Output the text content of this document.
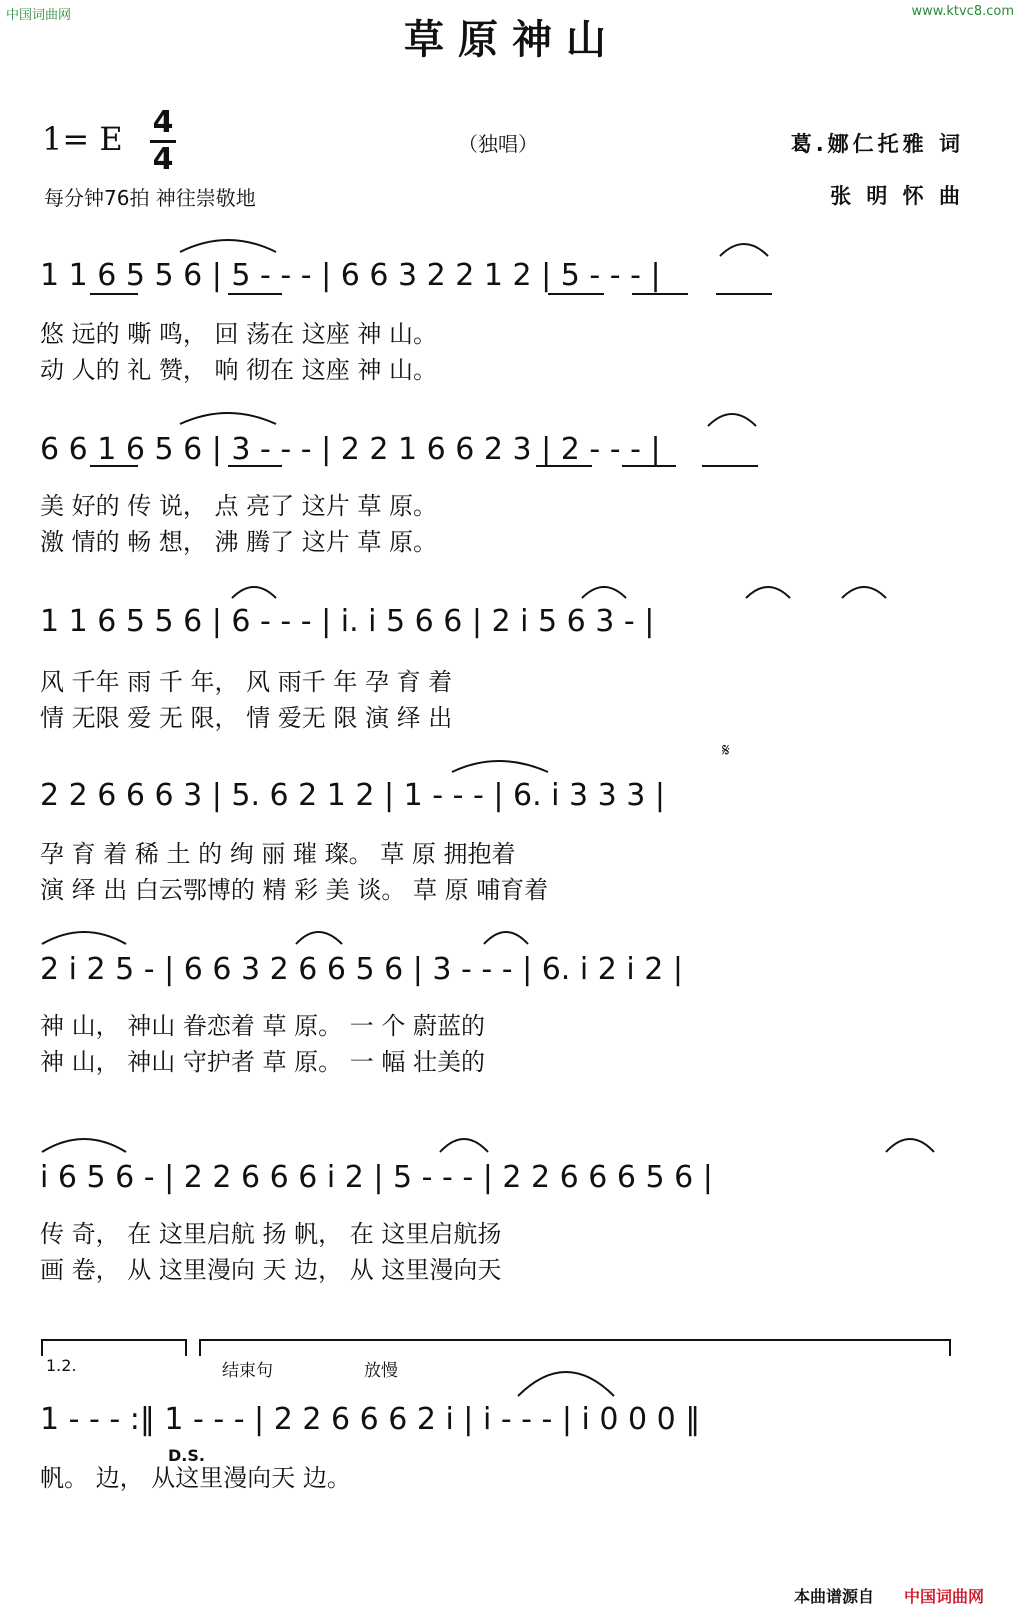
中国词曲网	www.ktvc8.com
草原神山
1= E 4
4	（独唱）
每分钟76拍 神往崇敬地
葛.娜仁托雅 词
张 明 怀 曲
1 1 6 5 5 6 | 5 - - - | 6 6 3 2 2 1 2 | 5 - - - |
悠 远的 嘶 鸣， 回 荡在 这座 神 山。
动 人的 礼 赞， 响 彻在 这座 神 山。
6 6 1 6 5 6 | 3 - - - | 2 2 1 6 6 2 3 | 2 - - - |
美 好的 传 说， 点 亮了 这片 草 原。
激 情的 畅 想， 沸 腾了 这片 草 原。
1 1 6 5 5 6 | 6 - - - | i. i 5 6 6 | 2 i 5 6 3 - |
风 千年 雨 千 年， 风 雨千 年 孕 育 着
情 无限 爱 无 限， 情 爱无 限 演 绎 出
𝄋
2 2 6 6 6 3 | 5. 6 2 1 2 | 1 - - - | 6. i 3 3 3 |
孕 育 着 稀 土 的 绚 丽 璀 璨。 草 原 拥抱着
演 绎 出 白云鄂博的 精 彩 美 谈。 草 原 哺育着
2 i 2 5 - | 6 6 3 2 6 6 5 6 | 3 - - - | 6. i 2 i 2 |
神 山， 神山 眷恋着 草 原。 一 个 蔚蓝的
神 山， 神山 守护者 草 原。 一 幅 壮美的
i 6 5 6 - | 2 2 6 6 6 i 2 | 5 - - - | 2 2 6 6 6 5 6 |
传 奇， 在 这里启航 扬 帆， 在 这里启航扬
画 卷， 从 这里漫向 天 边， 从 这里漫向天
1.2.	结束句	放慢
1 - - - :‖ 1 - - - | 2 2 6 6 6 2 i | i - - - | i 0 0 0 ‖
D.S.
帆。 边， 从这里漫向天 边。
本曲谱源自 中国词曲网
